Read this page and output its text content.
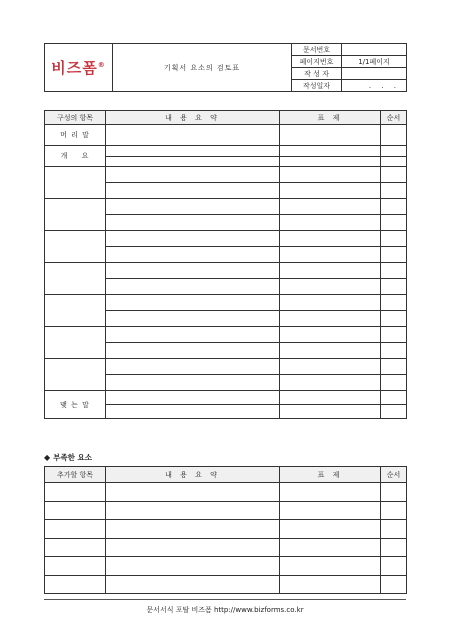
비즈폼®	기획서 요소의 검토표	문서번호	
		페이지번호	1/1페이지
		작 성 자	
		작성일자	. . .
구성의 항목	내 용 요 약	표 제	순서
머 리 말			
개 요			

맺 는 말			

◆ 부족한 요소
추가할 항목	내 용 요 약	표 제	순서

문서서식 포탈 비즈폼 http://www.bizforms.co.kr
